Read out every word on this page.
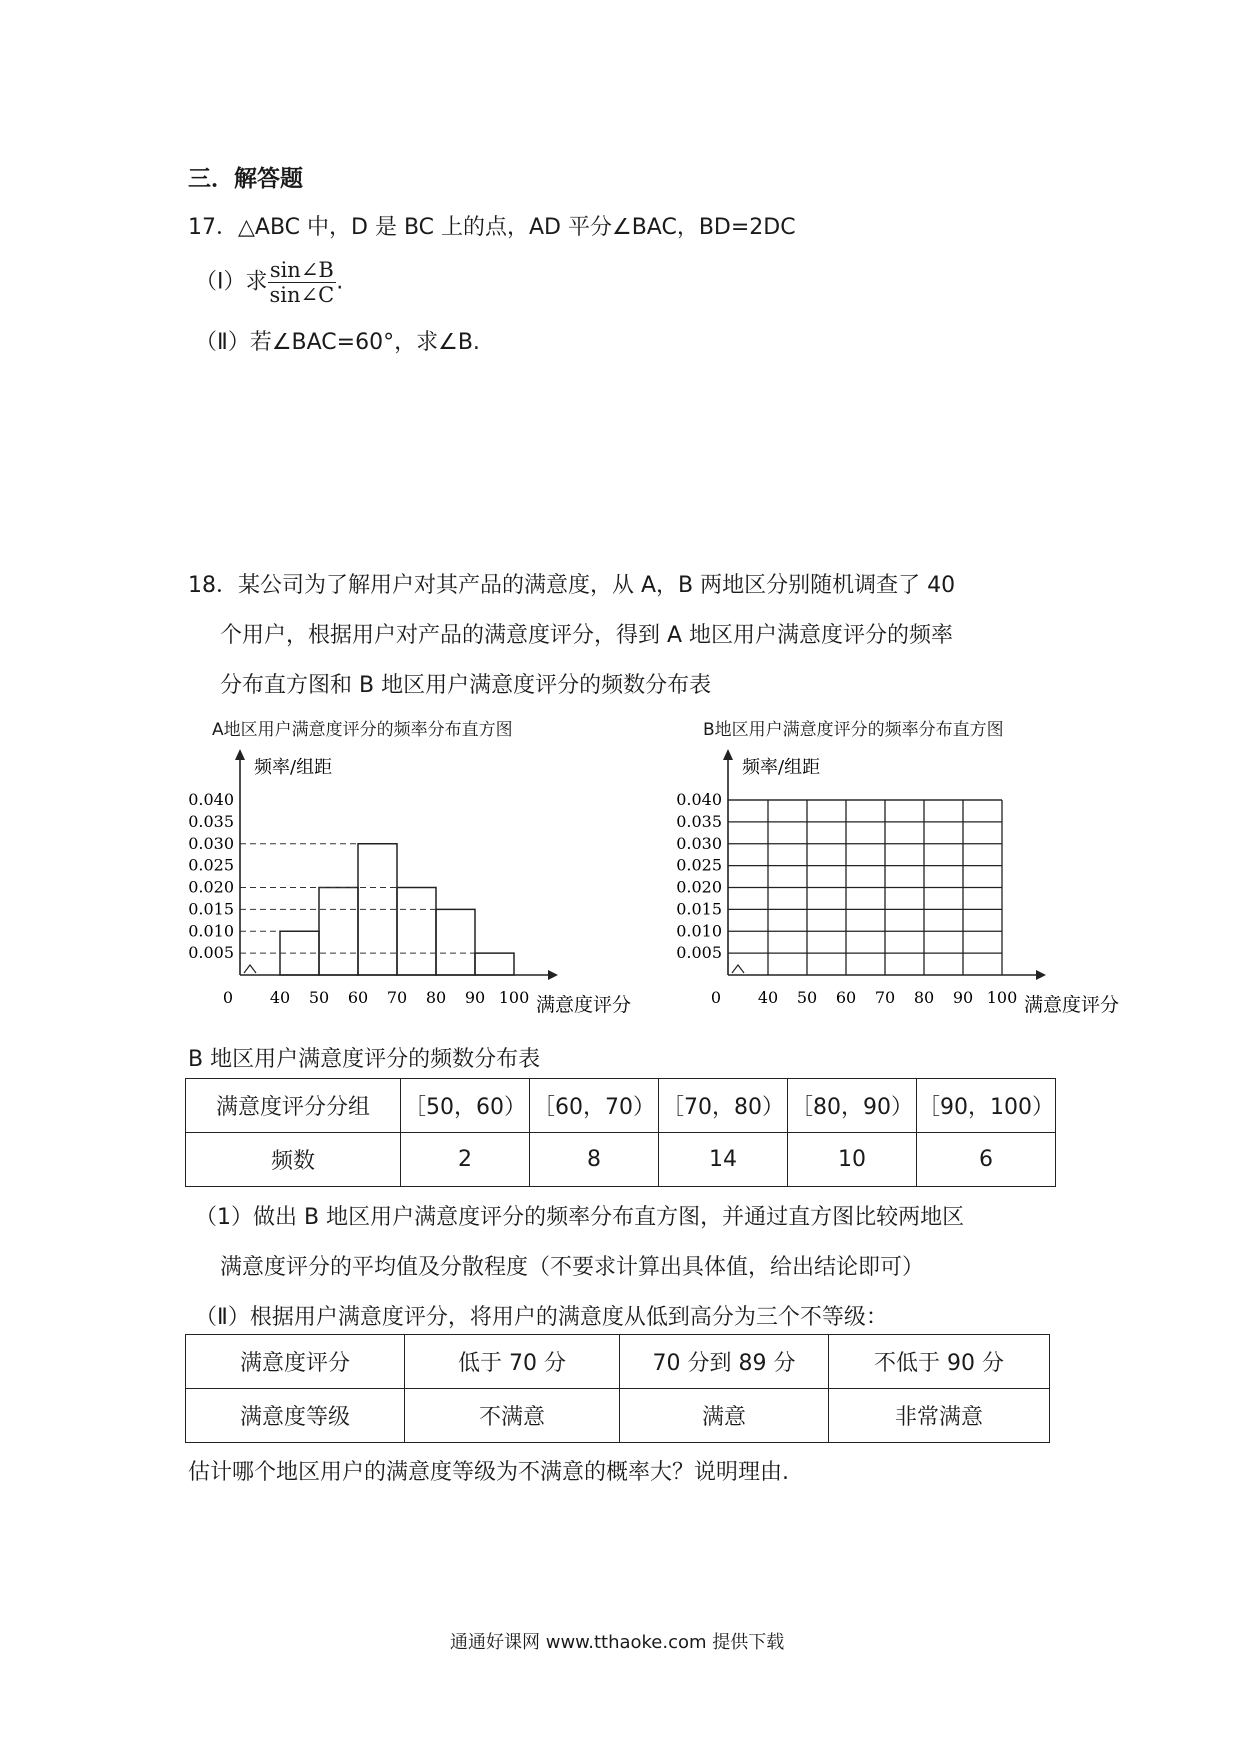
三．解答题
17．△ABC 中，D 是 BC 上的点，AD 平分∠BAC，BD=2DC
（Ⅰ）求 $\frac{\sin\angle B}{\sin\angle C}$ .
（Ⅱ）若∠BAC=60°，求∠B.
18．某公司为了解用户对其产品的满意度，从 A，B 两地区分别随机调查了 40
个用户，根据用户对产品的满意度评分，得到 A 地区用户满意度评分的频率
分布直方图和 B 地区用户满意度评分的频数分布表
A地区用户满意度评分的频率分布直方图	B地区用户满意度评分的频率分布直方图
0.005
0.010
0.015
0.020
0.025
0.030
0.035
0.040
0 40 50 60 70 80 90 100
频率/组距
满意度评分
0.005
0.010
0.015
0.020
0.025
0.030
0.035
0.040
0 40 50 60 70 80 90 100
频率/组距
满意度评分
B 地区用户满意度评分的频数分布表
满意度评分分组	［50，60）	［60，70）	［70，80）	［80，90）	［90，100）
频数	2	8	14	10	6
（1）做出 B 地区用户满意度评分的频率分布直方图，并通过直方图比较两地区
满意度评分的平均值及分散程度（不要求计算出具体值，给出结论即可）
（Ⅱ）根据用户满意度评分，将用户的满意度从低到高分为三个不等级：
满意度评分	低于 70 分	70 分到 89 分	不低于 90 分
满意度等级	不满意	满意	非常满意
估计哪个地区用户的满意度等级为不满意的概率大？说明理由.
通通好课网 www.tthaoke.com 提供下载
